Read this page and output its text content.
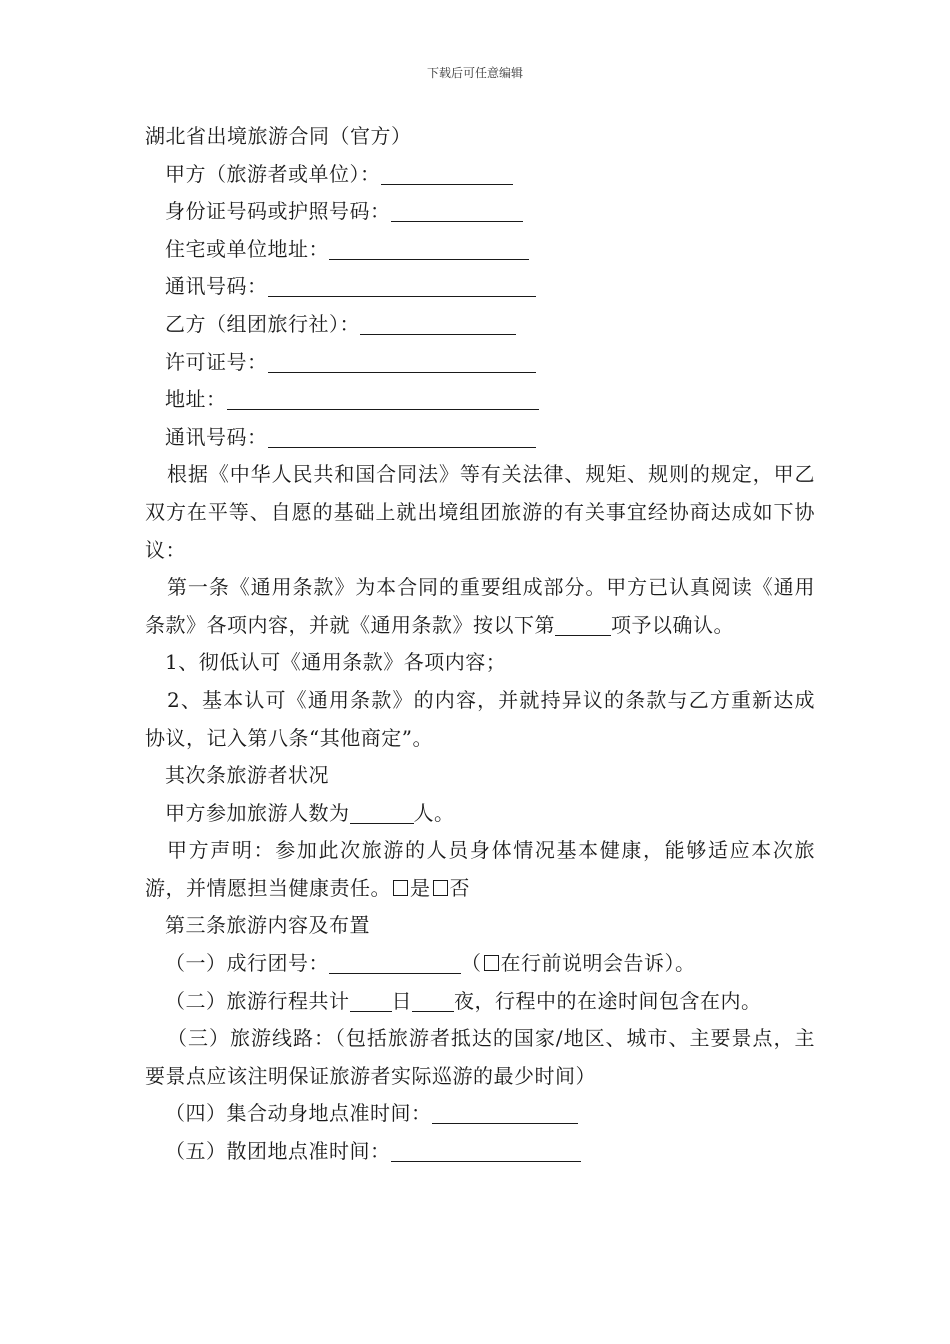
下载后可任意编辑
湖北省出境旅游合同（官方）
甲方（旅游者或单位）：
身份证号码或护照号码：
住宅或单位地址：
通讯号码：
乙方（组团旅行社）：
许可证号：
地址：
通讯号码：
根据《中华人民共和国合同法》等有关法律、规矩、规则的规定，甲乙双方在平等、自愿的基础上就出境组团旅游的有关事宜经协商达成如下协议：
第一条《通用条款》为本合同的重要组成部分。甲方已认真阅读《通用条款》各项内容，并就《通用条款》按以下第	项予以确认。
1、彻低认可《通用条款》各项内容；
2、基本认可《通用条款》的内容，并就持异议的条款与乙方重新达成协议，记入第八条“其他商定”。
其次条旅游者状况
甲方参加旅游人数为	人。
甲方声明：参加此次旅游的人员身体情况基本健康，能够适应本次旅游，并情愿担当健康责任。 是 否
第三条旅游内容及布置
（一）成行团号：	（ 在行前说明会告诉）。
（二）旅游行程共计 日 夜，行程中的在途时间包含在内。
（三）旅游线路：（包括旅游者抵达的国家/地区、城市、主要景点，主要景点应该注明保证旅游者实际巡游的最少时间）
（四）集合动身地点准时间：
（五）散团地点准时间：
